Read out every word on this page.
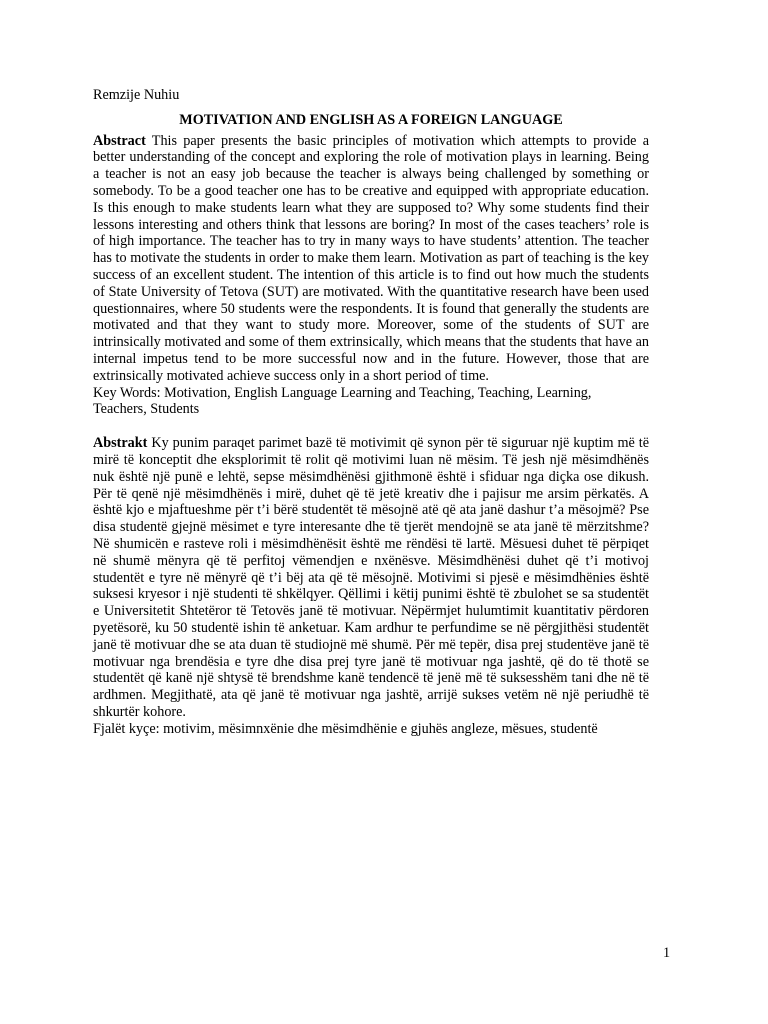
Remzije Nuhiu

MOTIVATION AND ENGLISH AS A FOREIGN LANGUAGE

Abstract This paper presents the basic principles of motivation which attempts to provide a better understanding of the concept and exploring the role of motivation plays in learning. Being a teacher is not an easy job because the teacher is always being challenged by something or somebody. To be a good teacher one has to be creative and equipped with appropriate education. Is this enough to make students learn what they are supposed to? Why some students find their lessons interesting and others think that lessons are boring? In most of the cases teachers’ role is of high importance. The teacher has to try in many ways to have students’ attention. The teacher has to motivate the students in order to make them learn. Motivation as part of teaching is the key success of an excellent student. The intention of this article is to find out how much the students of State University of Tetova (SUT) are motivated. With the quantitative research have been used questionnaires, where 50 students were the respondents. It is found that generally the students are motivated and that they want to study more. Moreover, some of the students of SUT are intrinsically motivated and some of them extrinsically, which means that the students that have an internal impetus tend to be more successful now and in the future. However, those that are extrinsically motivated achieve success only in a short period of time.

Key Words: Motivation, English Language Learning and Teaching, Teaching, Learning,
Teachers, Students

Abstrakt Ky punim paraqet parimet bazë të motivimit që synon për të siguruar një kuptim më të mirë të konceptit dhe eksplorimit të rolit që motivimi luan në mësim. Të jesh një mësimdhënës nuk është një punë e lehtë, sepse mësimdhënësi gjithmonë është i sfiduar nga diçka ose dikush. Për të qenë një mësimdhënës i mirë, duhet që të jetë kreativ dhe i pajisur me arsim përkatës. A është kjo e mjaftueshme për t’i bërë studentët të mësojnë atë që ata janë dashur t’a mësojmë? Pse disa studentë gjejnë mësimet e tyre interesante dhe të tjerët mendojnë se ata janë të mërzitshme? Në shumicën e rasteve roli i mësimdhënësit është me rëndësi të lartë. Mësuesi duhet të përpiqet në shumë mënyra që të perfitoj vëmendjen e nxënësve. Mësimdhënësi duhet që t’i motivoj studentët e tyre në mënyrë që t’i bëj ata që të mësojnë. Motivimi si pjesë e mësimdhënies është suksesi kryesor i një studenti të shkëlqyer. Qëllimi i këtij punimi është të zbulohet se sa studentët e Universitetit Shtetëror të Tetovës janë të motivuar. Nëpërmjet hulumtimit kuantitativ përdoren pyetësorë, ku 50 studentë ishin të anketuar. Kam ardhur te perfundime se në përgjithësi studentët janë të motivuar dhe se ata duan të studiojnë më shumë. Për më tepër, disa prej studentëve janë të motivuar nga brendësia e tyre dhe disa prej tyre janë të motivuar nga jashtë, që do të thotë se studentët që kanë një shtysë të brendshme kanë tendencë të jenë më të suksesshëm tani dhe në të ardhmen. Megjithatë, ata që janë të motivuar nga jashtë, arrijë sukses vetëm në një periudhë të shkurtër kohore.

Fjalët kyçe: motivim, mësimnxënie dhe mësimdhënie e gjuhës angleze, mësues, studentë

1
